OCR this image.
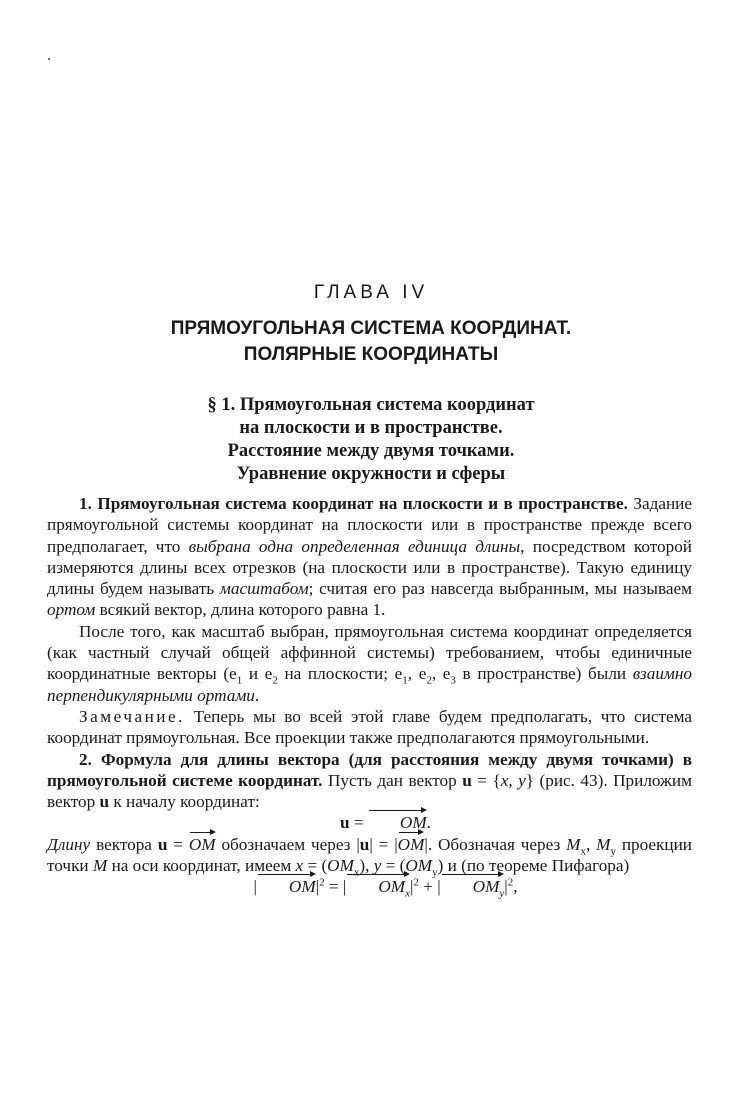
ГЛАВА IV
ПРЯМОУГОЛЬНАЯ СИСТЕМА КООРДИНАТ.
ПОЛЯРНЫЕ КООРДИНАТЫ
§ 1. Прямоугольная система координат
на плоскости и в пространстве.
Расстояние между двумя точками.
Уравнение окружности и сферы

1. Прямоугольная система координат на плоскости и в пространстве. Задание прямоугольной системы координат на плоскости или в пространстве прежде всего предполагает, что выбрана одна определенная единица длины, посредством которой измеряются длины всех отрезков (на плоскости или в пространстве). Такую единицу длины будем называть масштабом; считая его раз навсегда выбранным, мы называем ортом всякий вектор, длина которого равна 1.

После того, как масштаб выбран, прямоугольная система координат определяется (как частный случай общей аффинной системы) требованием, чтобы единичные координатные векторы ($e_1$ и $e_2$ на плоскости; $e_1$, $e_2$, $e_3$ в пространстве) были взаимно перпендикулярными ортами.

Замечание. Теперь мы во всей этой главе будем предполагать, что система координат прямоугольная. Все проекции также предполагаются прямоугольными.

2. Формула для длины вектора (для расстояния между двумя точками) в прямоугольной системе координат. Пусть дан вектор u = {x, y} (рис. 43). Приложим вектор u к началу координат:

u = OM.

Длину вектора u = OM обозначаем через |u| = |OM|. Обозначая через $M_x$, $M_y$ проекции точки M на оси координат, имеем $x = (OM_x)$, $y = (OM_y)$ и (по теореме Пифагора)

| $OM|^2$ = | $OM_x|^2$ + | $OM_y|^2$,
